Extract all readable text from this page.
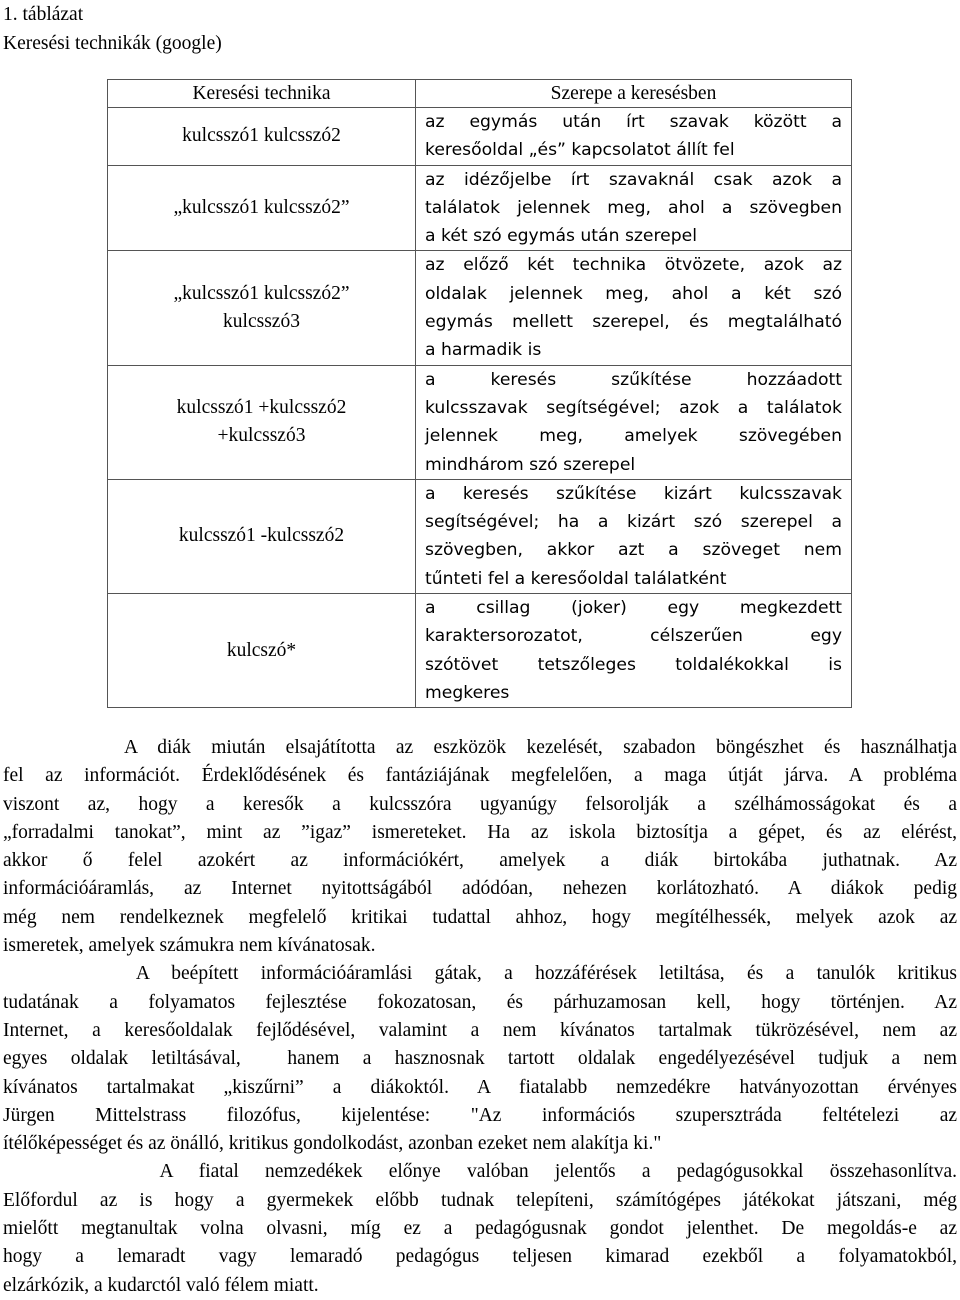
1. táblázat
Keresési technikák (google)
Keresési technika	Szerepe a keresésben

kulcsszó1 kulcsszó2	az egymás után írt szavak között a
keresőoldal „és” kapcsolatot állít fel

„kulcsszó1 kulcsszó2”	az idézőjelbe írt szavaknál csak azok a
találatok jelennek meg, ahol a szövegben
a két szó egymás után szerepel

„kulcsszó1 kulcsszó2”
kulcsszó3	az előző két technika ötvözete, azok az
oldalak jelennek meg, ahol a két szó
egymás mellett szerepel, és megtalálható
a harmadik is

kulcsszó1 +kulcsszó2
+kulcsszó3	a keresés szűkítése hozzáadott
kulcsszavak segítségével; azok a találatok
jelennek meg, amelyek szövegében
mindhárom szó szerepel

kulcsszó1 -kulcsszó2	a keresés szűkítése kizárt kulcsszavak
segítségével; ha a kizárt szó szerepel a
szövegben, akkor azt a szöveget nem
tűnteti fel a keresőoldal találatként

kulcszó*	a csillag (joker) egy megkezdett
karaktersorozatot, célszerűen egy
szótövet tetszőleges toldalékokkal is
megkeres

A diák miután elsajátította az eszközök kezelését, szabadon böngészhet és használhatja
fel az információt. Érdeklődésének és fantáziájának megfelelően, a maga útját járva. A probléma
viszont az, hogy a keresők a kulcsszóra ugyanúgy felsorolják a szélhámosságokat és a
„forradalmi tanokat”, mint az ”igaz” ismereteket. Ha az iskola biztosítja a gépet, és az elérést,
akkor ő felel azokért az információkért, amelyek a diák birtokába juthatnak. Az
információáramlás, az Internet nyitottságából adódóan, nehezen korlátozható. A diákok pedig
még nem rendelkeznek megfelelő kritikai tudattal ahhoz, hogy megítélhessék, melyek azok az
ismeretek, amelyek számukra nem kívánatosak.

A beépített információáramlási gátak, a hozzáférések letiltása, és a tanulók kritikus
tudatának a folyamatos fejlesztése fokozatosan, és párhuzamosan kell, hogy történjen. Az
Internet, a keresőoldalak fejlődésével, valamint a nem kívánatos tartalmak tükrözésével, nem az
egyes oldalak letiltásával,  hanem a hasznosnak tartott oldalak engedélyezésével tudjuk a nem
kívánatos tartalmakat „kiszűrni” a diákoktól. A fiatalabb nemzedékre hatványozottan érvényes
Jürgen Mittelstrass filozófus, kijelentése: "Az információs szupersztráda feltételezi az
ítélőképességet és az önálló, kritikus gondolkodást, azonban ezeket nem alakítja ki."

A fiatal nemzedékek előnye valóban jelentős a pedagógusokkal összehasonlítva.
Előfordul az is hogy a gyermekek előbb tudnak telepíteni, számítógépes játékokat játszani, még
mielőtt megtanultak volna olvasni, míg ez a pedagógusnak gondot jelenthet. De megoldás-e az
hogy a lemaradt vagy lemaradó pedagógus teljesen kimarad ezekből a folyamatokból,
elzárkózik, a kudarctól való félem miatt.
